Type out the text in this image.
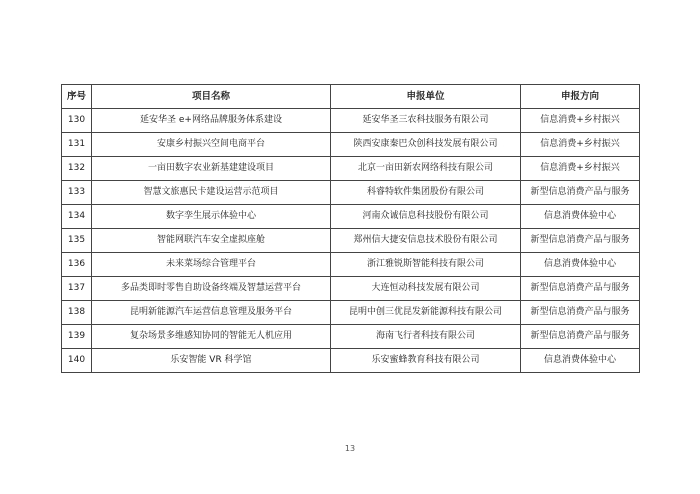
序号	项目名称	申报单位	申报方向
130	延安华圣 e+网络品牌服务体系建设	延安华圣三农科技服务有限公司	信息消费+乡村振兴
131	安康乡村振兴空间电商平台	陕西安康秦巴众创科技发展有限公司	信息消费+乡村振兴
132	一亩田数字农业新基建建设项目	北京一亩田新农网络科技有限公司	信息消费+乡村振兴
133	智慧文旅惠民卡建设运营示范项目	科睿特软件集团股份有限公司	新型信息消费产品与服务
134	数字孪生展示体验中心	河南众诚信息科技股份有限公司	信息消费体验中心
135	智能网联汽车安全虚拟座舱	郑州信大捷安信息技术股份有限公司	新型信息消费产品与服务
136	未来菜场综合管理平台	浙江雅锐斯智能科技有限公司	信息消费体验中心
137	多品类即时零售自助设备终端及智慧运营平台	大连恒动科技发展有限公司	新型信息消费产品与服务
138	昆明新能源汽车运营信息管理及服务平台	昆明中创三优昆发新能源科技有限公司	新型信息消费产品与服务
139	复杂场景多维感知协同的智能无人机应用	海南飞行者科技有限公司	新型信息消费产品与服务
140	乐安智能 VR 科学馆	乐安蜜蜂教育科技有限公司	信息消费体验中心
13
